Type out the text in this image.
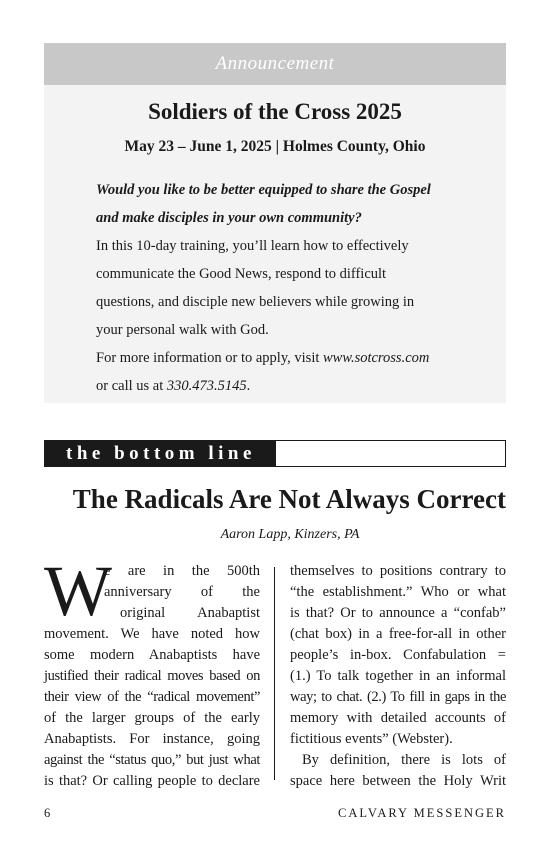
Announcement
Soldiers of the Cross 2025
May 23 – June 1, 2025 | Holmes County, Ohio
Would you like to be better equipped to share the Gospel
and make disciples in your own community?
In this 10-day training, you’ll learn how to effectively
communicate the Good News, respond to difficult
questions, and disciple new believers while growing in
your personal walk with God.
For more information or to apply, visit www.sotcross.com
or call us at 330.473.5145.
the bottom line
The Radicals Are Not Always Correct
Aaron Lapp, Kinzers, PA
W
e are in the 500th
anniversary of the
original Anabaptist
movement. We have noted how
some modern Anabaptists have
justified their radical moves based on
their view of the “radical movement”
of the larger groups of the early
Anabaptists. For instance, going
against the “status quo,” but just what
is that? Or calling people to declare
themselves to positions contrary to
“the establishment.” Who or what
is that? Or to announce a “confab”
(chat box) in a free-for-all in other
people’s in-box. Confabulation =
(1.) To talk together in an informal
way; to chat. (2.) To fill in gaps in the
memory with detailed accounts of
fictitious events” (Webster).
By definition, there is lots of
space here between the Holy Writ
6	CALVARY MESSENGER
